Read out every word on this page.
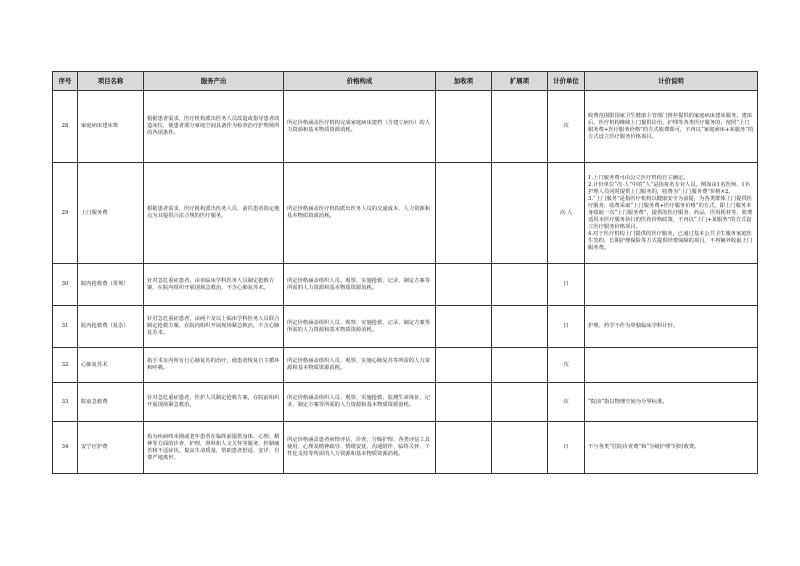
序号	项目名称	服务产出	价格构成	加收项	扩展项	计价单位	计价说明
28	家庭病床建床费	根据患者需求，医疗机构派出医务人员改造或指导患者改造床位，使患者部分家庭空间具备作为检查治疗护理场所的各项条件。	所定价格涵盖医疗机构完成家庭病床建档（含建立病历）的人力资源和基本物质资源消耗。			次	收费范围限国家卫生健康主管部门推荐提供的家庭病床建床服务。建床后，医疗机构继续上门提供诊治、护理等各类医疗服务的，按照“上门服务费+医疗服务价格”的方式收费即可，不再以“家庭病床+某服务”的方式设立医疗服务价格项目。
29	上门服务费	根据患者需求，医疗机构派出医务人员，前往患者指定地点为其提供合法合规的医疗服务。	所定价格涵盖医疗机构派出医务人员的交通成本、人力资源和基本物质资源消耗。			次·人	1.上门服务费可由公立医疗机构自主确定。
2.计价单位“次·人”中的“人”是指每名专业人员。例如由1名医师、1名护理人员同时提供上门服务的，收费为“上门服务费”价格×2。
3.“上门服务”是指医疗机构以健康安全为前提，为各类群体上门提供医疗服务，收费采取“上门服务费+医疗服务价格”的方式，即上门服务本身收取一次“上门服务费”，提供的医疗服务、药品、医用耗材等，收费适用本医疗服务执行的医药价格政策，不再以“上门+某服务”的方式设立医疗服务价格项目。
4.对于医疗机构上门提供的医疗服务，已通过基本公共卫生服务家庭医生签约、长期护理保险等方式提供经费保障的项目，不再额外收取上门服务费。

30	院内抢救费（常规）	针对急危重症患者，由单临床学科医务人员制定抢救方案，在院内组织开展现场急救治，不含心肺复苏术。	所定价格涵盖组织人员、观察、实施抢救、记录、制定方案等所需的人力资源和基本物质资源消耗。			日	
31	院内抢救费（复杂）	针对急危重症患者，由两个及以上临床学科医务人员联合制定抢救方案，在院内组织开展现场紧急救治，不含心肺复苏术。	所定价格涵盖组织人员、观察、实施抢救、记录、制定方案等所需的人力资源和基本物质资源消耗。			日	护理、药学不作为单独临床学科计价。
32	心肺复苏术	指手术室内所有行心肺复苏的治疗，使患者恢复自主循环和呼吸。	所定价格涵盖组织人员、观察、实施心肺复苏等所需的人力资源和基本物质资源消耗。			次	
33	院前急救费	针对急危重症患者，医护人员制定抢救方案，在院前组织开展现场紧急救治。	所定价格涵盖组织人员、观察、实施抢救、监测生命体征、记录、制定方案等所需的人力资源和基本物质资源消耗。			次	“院前”指以物理空间为分界标准。
34	安宁疗护费	指为疾病终末期或老年患者在临终前提供身体、心理、精神等方面的诊查、护理，照料和人文关怀等服务，控制痛苦和不适症状，提高生命质量，帮助患者舒适、安详、有尊严地离世。	所定价格涵盖患者病情评估、诊查、分级护理、各类评估工具使用、心理及精神疏导、情绪安抚、沟通陪伴、临终关怀、个性化支持等所需的人力资源和基本物质资源消耗。			日	不与各类“住院诊查费”和“分级护理”同时收费。
